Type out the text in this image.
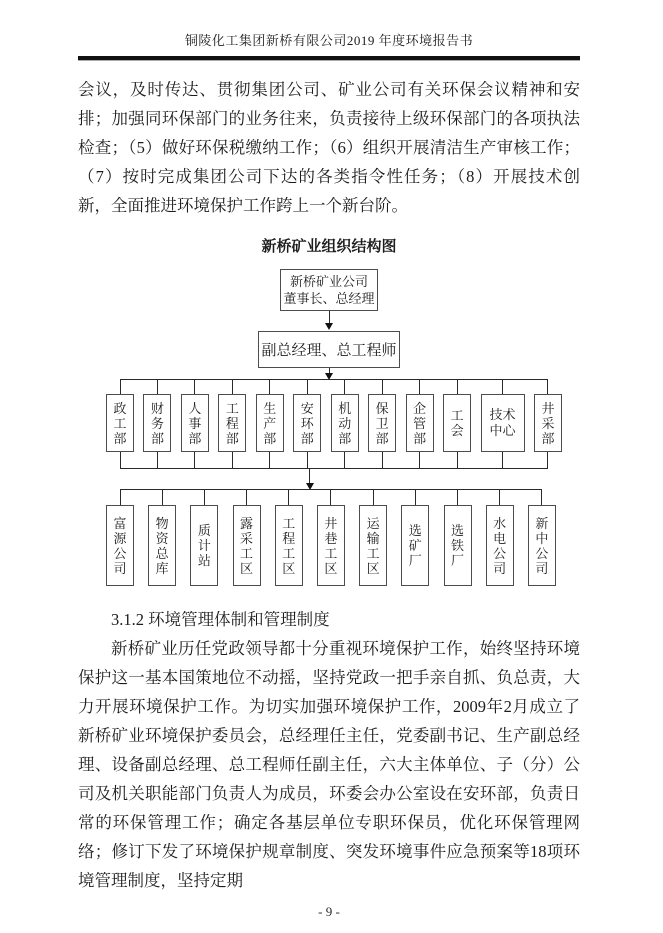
铜陵化工集团新桥有限公司2019 年度环境报告书

会议，及时传达、贯彻集团公司、矿业公司有关环保会议精神和安排；加强同环保部门的业务往来，负责接待上级环保部门的各项执法检查；（5）做好环保税缴纳工作；（6）组织开展清洁生产审核工作；（7）按时完成集团公司下达的各类指令性任务；（8）开展技术创新，全面推进环境保护工作跨上一个新台阶。

新桥矿业组织结构图
新桥矿业公司
董事长、总经理
副总经理、总工程师
政工部
财务部
人事部
工程部
生产部
安环部
机动部
保卫部
企管部
工会
技术中心
井采部
富源公司
物资总库
质计站
露采工区
工程工区
井巷工区
运输工区
选矿厂
选铁厂
水电公司
新中公司

3.1.2 环境管理体制和管理制度

新桥矿业历任党政领导都十分重视环境保护工作，始终坚持环境保护这一基本国策地位不动摇，坚持党政一把手亲自抓、负总责，大力开展环境保护工作。为切实加强环境保护工作，2009年2月成立了新桥矿业环境保护委员会，总经理任主任，党委副书记、生产副总经理、设备副总经理、总工程师任副主任，六大主体单位、子（分）公司及机关职能部门负责人为成员，环委会办公室设在安环部，负责日常的环保管理工作；确定各基层单位专职环保员，优化环保管理网络；修订下发了环境保护规章制度、突发环境事件应急预案等18项环境管理制度，坚持定期

- 9 -
